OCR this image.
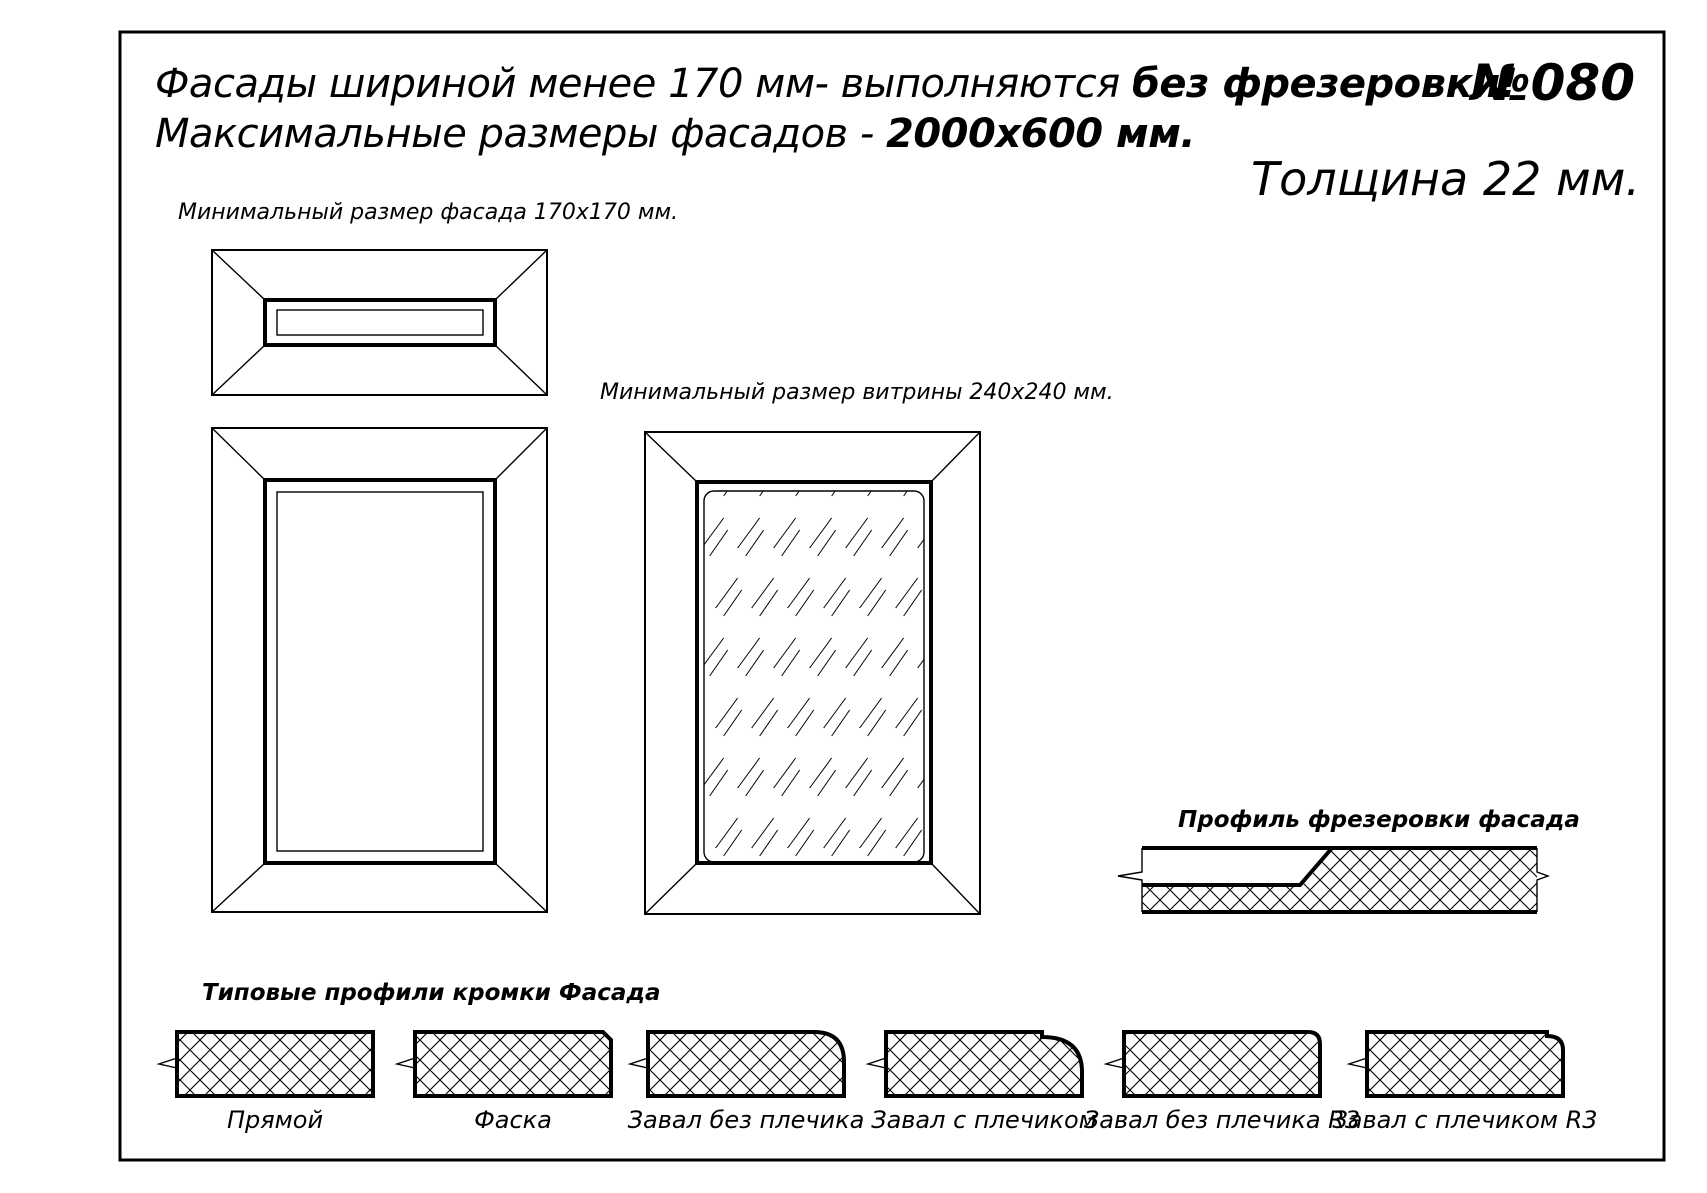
Фасады шириной менее 170 мм- выполняются без фрезеровки!
Максимальные размеры фасадов - 2000х600 мм.
№080
Толщина 22 мм.
Минимальный размер фасада 170х170 мм.
Минимальный размер витрины 240х240 мм.
Профиль фрезеровки фасада
Типовые профили кромки Фасада
Прямой	Фаска	Завал без плечика Завал с плечиком
Завал без плечика R3
Завал с плечиком R3
